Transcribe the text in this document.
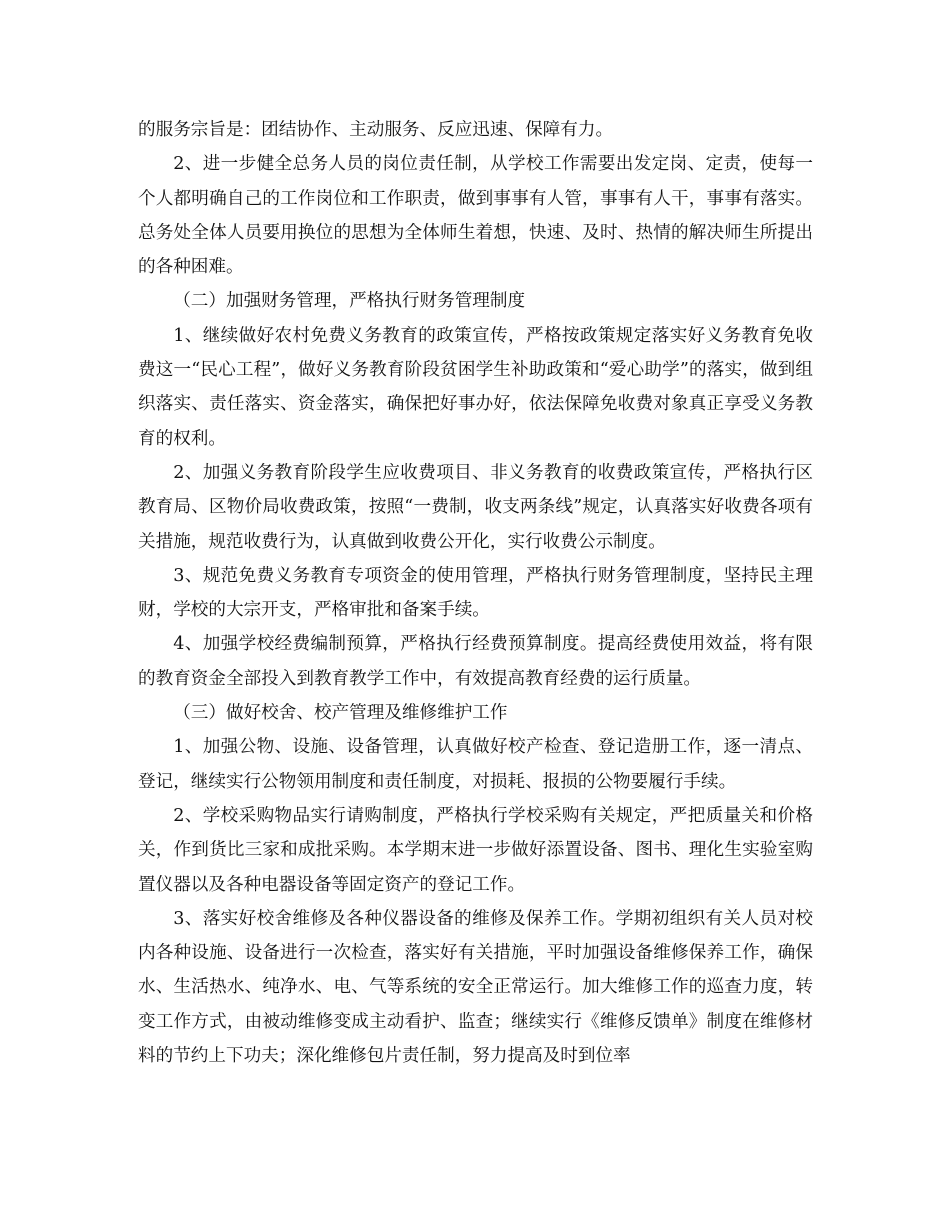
的服务宗旨是：团结协作、主动服务、反应迅速、保障有力。

2、进一步健全总务人员的岗位责任制，从学校工作需要出发定岗、定责，使每一个人都明确自己的工作岗位和工作职责，做到事事有人管，事事有人干，事事有落实。总务处全体人员要用换位的思想为全体师生着想，快速、及时、热情的解决师生所提出的各种困难。

（二）加强财务管理，严格执行财务管理制度

1、继续做好农村免费义务教育的政策宣传，严格按政策规定落实好义务教育免收费这一“民心工程”，做好义务教育阶段贫困学生补助政策和“爱心助学”的落实，做到组织落实、责任落实、资金落实，确保把好事办好，依法保障免收费对象真正享受义务教育的权利。

2、加强义务教育阶段学生应收费项目、非义务教育的收费政策宣传，严格执行区教育局、区物价局收费政策，按照“一费制，收支两条线”规定，认真落实好收费各项有关措施，规范收费行为，认真做到收费公开化，实行收费公示制度。

3、规范免费义务教育专项资金的使用管理，严格执行财务管理制度，坚持民主理财，学校的大宗开支，严格审批和备案手续。

4、加强学校经费编制预算，严格执行经费预算制度。提高经费使用效益，将有限的教育资金全部投入到教育教学工作中，有效提高教育经费的运行质量。

（三）做好校舍、校产管理及维修维护工作

1、加强公物、设施、设备管理，认真做好校产检查、登记造册工作，逐一清点、登记，继续实行公物领用制度和责任制度，对损耗、报损的公物要履行手续。

2、学校采购物品实行请购制度，严格执行学校采购有关规定，严把质量关和价格关，作到货比三家和成批采购。本学期末进一步做好添置设备、图书、理化生实验室购置仪器以及各种电器设备等固定资产的登记工作。

3、落实好校舍维修及各种仪器设备的维修及保养工作。学期初组织有关人员对校内各种设施、设备进行一次检查，落实好有关措施，平时加强设备维修保养工作，确保水、生活热水、纯净水、电、气等系统的安全正常运行。加大维修工作的巡查力度，转变工作方式，由被动维修变成主动看护、监查；继续实行《维修反馈单》制度在维修材料的节约上下功夫；深化维修包片责任制，努力提高及时到位率
